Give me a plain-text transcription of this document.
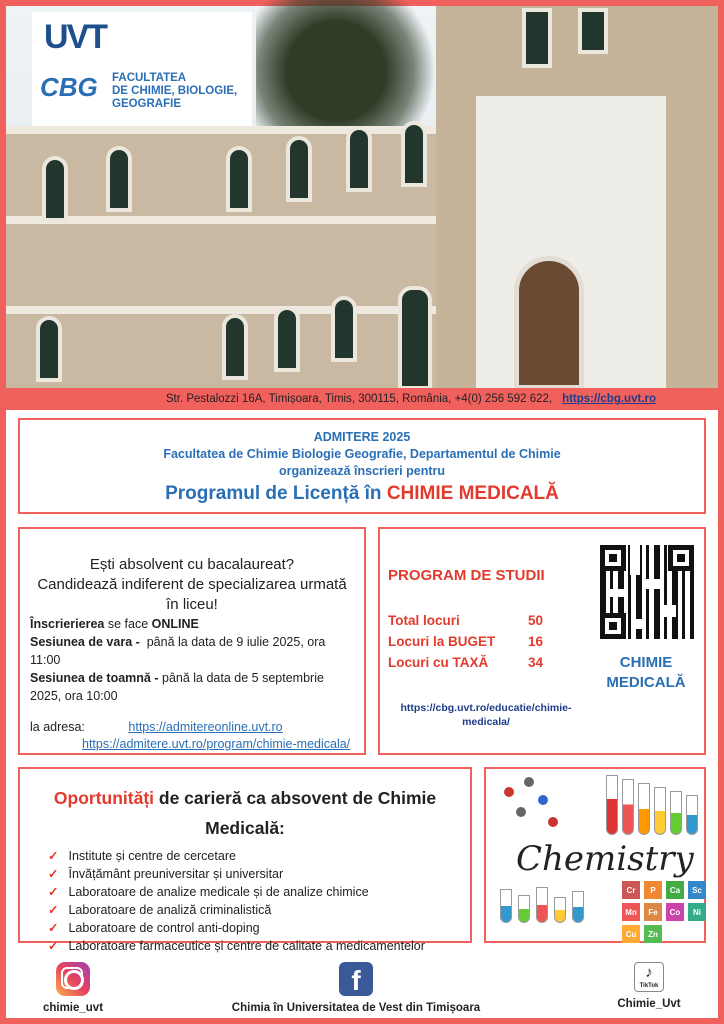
UVT
CBG FACULTATEA
DE CHIMIE, BIOLOGIE,
GEOGRAFIE
Str. Pestalozzi 16A, Timișoara, Timis, 300115, România, +4(0) 256 592 622, https://cbg.uvt.ro
ADMITERE 2025
Facultatea de Chimie Biologie Geografie, Departamentul de Chimie
organizează înscrieri pentru
Programul de Licență în CHIMIE MEDICALĂ
Ești absolvent cu bacalaureat?
Candidează indiferent de specializarea urmată în liceu!
Înscrierierea se face ONLINE
Sesiunea de vara - până la data de 9 iulie 2025, ora 11:00
Sesiunea de toamnă - până la data de 5 septembrie 2025, ora 10:00
la adresa:	https://admitereonline.uvt.ro
https://admitere.uvt.ro/program/chimie-medicala/
PROGRAM DE STUDII
Total locuri	50
Locuri la BUGET 16
Locuri cu TAXĂ	34
https://cbg.uvt.ro/educatie/chimie-medicala/
CHIMIE MEDICALĂ
Oportunități de carieră ca absovent de Chimie Medicală:
✓ Institute și centre de cercetare
✓ Învățământ preuniversitar și universitar
✓ Laboratoare de analize medicale și de analize chimice
✓ Laboratoare de analiză criminalistică
✓ Laboratoare de control anti-doping
✓ Laboratoare farmaceutice și centre de calitate a medicamentelor
Chemistry
Cr	P	Ca	Sc
Mn	Fe	Co	Ni
Cu	Zn
chimie_uvt
f
Chimia în Universitatea de Vest din Timișoara
♪
TikTok
Chimie_Uvt
